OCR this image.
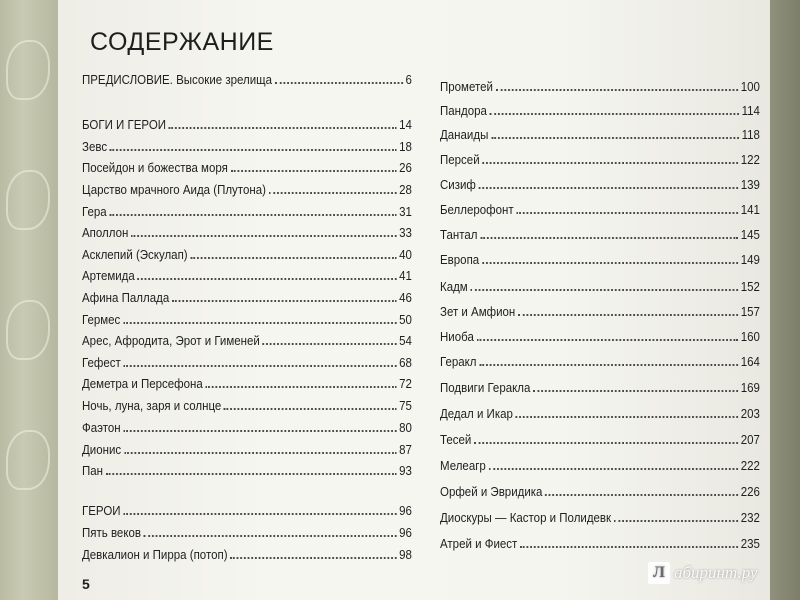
СОДЕРЖАНИЕ
ПРЕДИСЛОВИЕ. Высокие зрелища	6
БОГИ И ГЕРОИ	14
Зевс	18
Посейдон и божества моря	26
Царство мрачного Аида (Плутона)	28
Гера	31
Аполлон	33
Асклепий (Эскулап)	40
Артемида	41
Афина Паллада	46
Гермес	50
Арес, Афродита, Эрот и Гименей	54
Гефест	68
Деметра и Персефона	72
Ночь, луна, заря и солнце	75
Фаэтон	80
Дионис	87
Пан	93
ГЕРОИ	96
Пять веков	96
Девкалион и Пирра (потоп)	98
Прометей	100
Пандора	114
Данаиды	118
Персей	122
Сизиф	139
Беллерофонт	141
Тантал	145
Европа	149
Кадм	152
Зет и Амфион	157
Ниоба	160
Геракл	164
Подвиги Геракла	169
Дедал и Икар	203
Тесей	207
Мелеагр	222
Орфей и Эвридика	226
Диоскуры — Кастор и Полидевк	232
Атрей и Фиест	235
5
Л абиринт.ру
